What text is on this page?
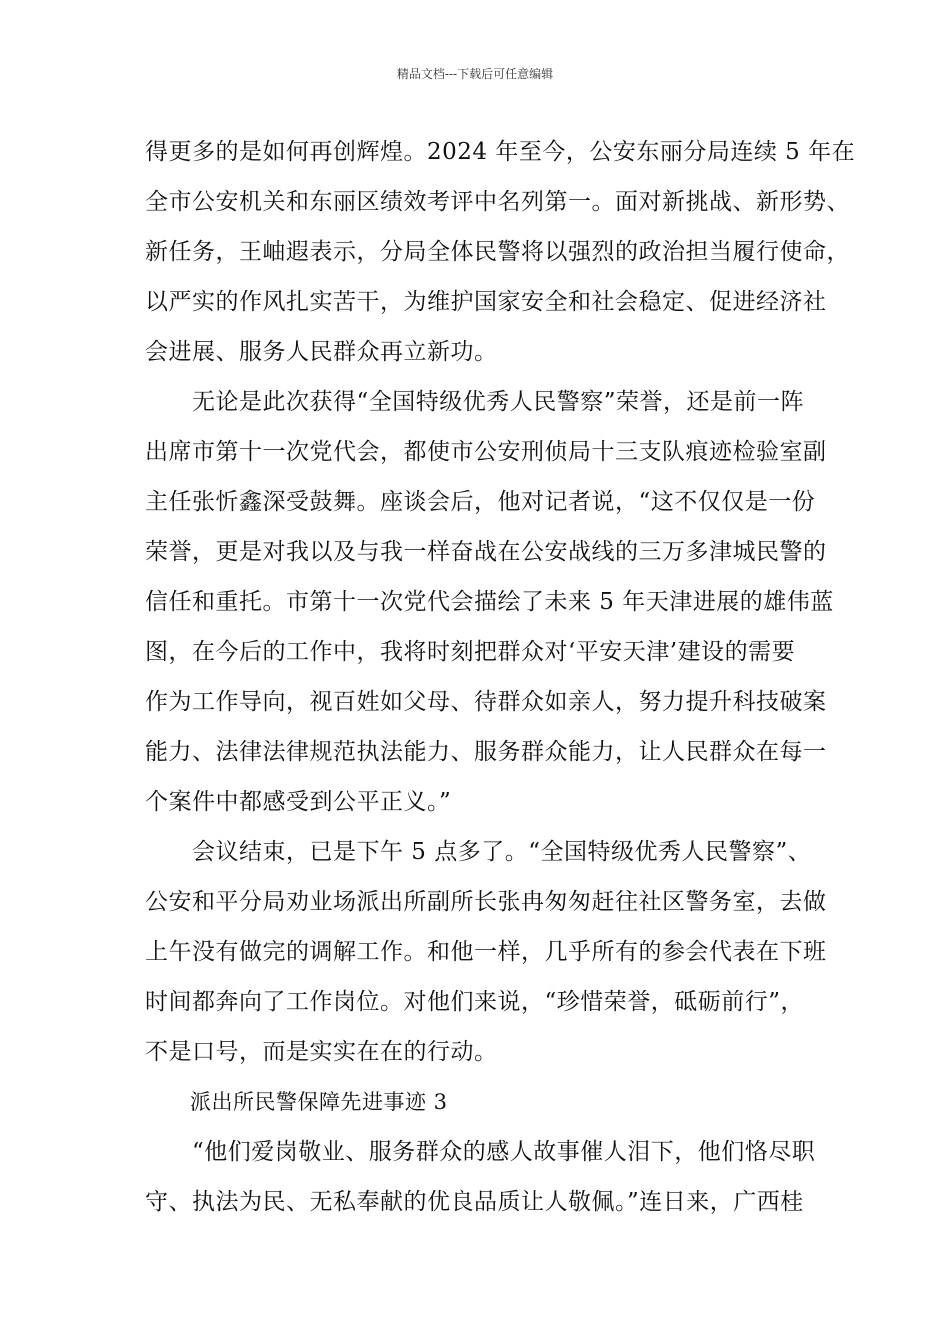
精品文档---下载后可任意编辑
得更多的是如何再创辉煌。2024 年至今，公安东丽分局连续 5 年在
全市公安机关和东丽区绩效考评中名列第一。面对新挑战、新形势、
新任务，王岫遐表示，分局全体民警将以强烈的政治担当履行使命，
以严实的作风扎实苦干，为维护国家安全和社会稳定、促进经济社
会进展、服务人民群众再立新功。
无论是此次获得“全国特级优秀人民警察”荣誉，还是前一阵
出席市第十一次党代会，都使市公安刑侦局十三支队痕迹检验室副
主任张忻鑫深受鼓舞。座谈会后，他对记者说，“这不仅仅是一份
荣誉，更是对我以及与我一样奋战在公安战线的三万多津城民警的
信任和重托。市第十一次党代会描绘了未来 5 年天津进展的雄伟蓝
图，在今后的工作中，我将时刻把群众对‘平安天津’建设的需要
作为工作导向，视百姓如父母、待群众如亲人，努力提升科技破案
能力、法律法律规范执法能力、服务群众能力，让人民群众在每一
个案件中都感受到公平正义。”
会议结束，已是下午 5 点多了。“全国特级优秀人民警察”、
公安和平分局劝业场派出所副所长张冉匆匆赶往社区警务室，去做
上午没有做完的调解工作。和他一样，几乎所有的参会代表在下班
时间都奔向了工作岗位。对他们来说，“珍惜荣誉，砥砺前行”，
不是口号，而是实实在在的行动。
派出所民警保障先进事迹 3
“他们爱岗敬业、服务群众的感人故事催人泪下，他们恪尽职
守、执法为民、无私奉献的优良品质让人敬佩。”连日来，广西桂
